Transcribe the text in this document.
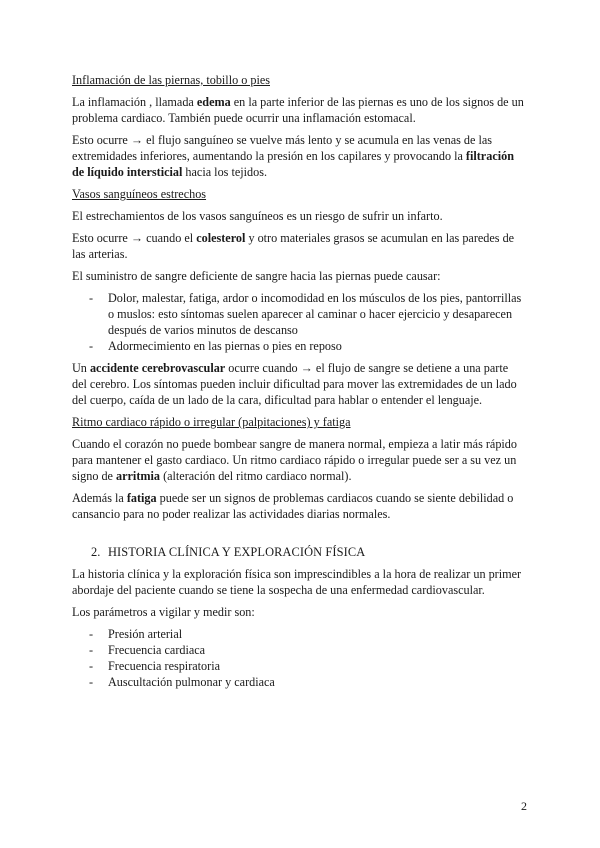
Inflamación de las piernas, tobillo o pies

La inflamación , llamada edema en la parte inferior de las piernas es uno de los signos de un problema cardiaco. También puede ocurrir una inflamación estomacal.

Esto ocurre → el flujo sanguíneo se vuelve más lento y se acumula en las venas de las extremidades inferiores, aumentando la presión en los capilares y provocando la filtración de líquido intersticial hacia los tejidos.

Vasos sanguíneos estrechos

El estrechamientos de los vasos sanguíneos es un riesgo de sufrir un infarto.

Esto ocurre → cuando el colesterol y otro materiales grasos se acumulan en las paredes de las arterias.

El suministro de sangre deficiente de sangre hacia las piernas puede causar:

- Dolor, malestar, fatiga, ardor o incomodidad en los músculos de los pies, pantorrillas o muslos: esto síntomas suelen aparecer al caminar o hacer ejercicio y desaparecen después de varios minutos de descanso
- Adormecimiento en las piernas o pies en reposo

Un accidente cerebrovascular ocurre cuando → el flujo de sangre se detiene a una parte del cerebro. Los síntomas pueden incluir dificultad para mover las extremidades de un lado del cuerpo, caída de un lado de la cara, dificultad para hablar o entender el lenguaje.

Ritmo cardiaco rápido o irregular (palpitaciones) y fatiga

Cuando el corazón no puede bombear sangre de manera normal, empieza a latir más rápido para mantener el gasto cardiaco. Un ritmo cardiaco rápido o irregular puede ser a su vez un signo de arritmia (alteración del ritmo cardiaco normal).

Además la fatiga puede ser un signos de problemas cardiacos cuando se siente debilidad o cansancio para no poder realizar las actividades diarias normales.

2. HISTORIA CLÍNICA Y EXPLORACIÓN FÍSICA

La historia clínica y la exploración física son imprescindibles a la hora de realizar un primer abordaje del paciente cuando se tiene la sospecha de una enfermedad cardiovascular.

Los parámetros a vigilar y medir son:

- Presión arterial
- Frecuencia cardiaca
- Frecuencia respiratoria
- Auscultación pulmonar y cardiaca
2
